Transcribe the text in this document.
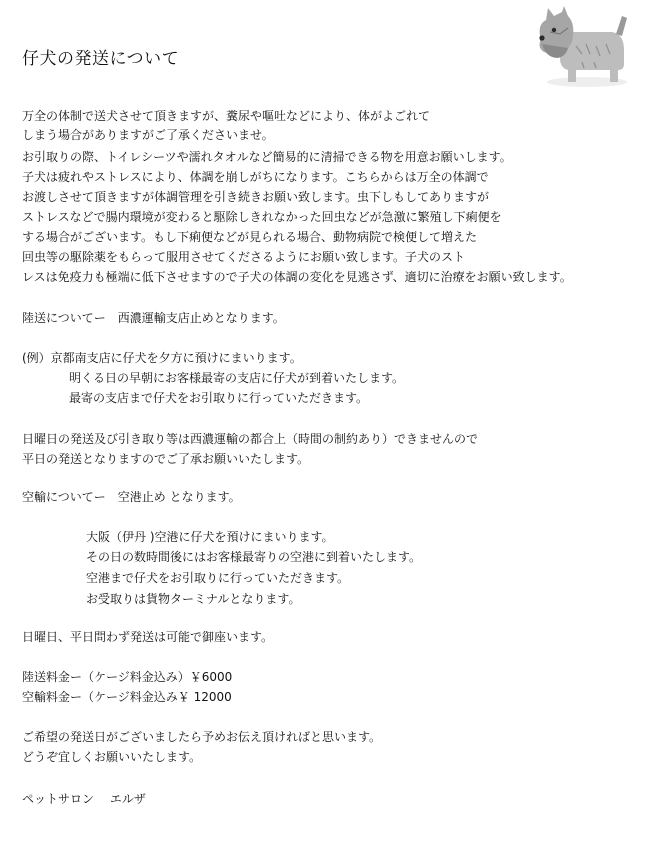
仔犬の発送について
万全の体制で送犬させて頂きますが、糞尿や嘔吐などにより、体がよごれて
しまう場合がありますがご了承くださいませ。
お引取りの際、トイレシーツや濡れタオルなど簡易的に清掃できる物を用意お願いします。
子犬は疲れやストレスにより、体調を崩しがちになります。こちらからは万全の体調で
お渡しさせて頂きますが体調管理を引き続きお願い致します。虫下しもしてありますが
ストレスなどで腸内環境が変わると駆除しきれなかった回虫などが急激に繁殖し下痢便を
する場合がございます。もし下痢便などが見られる場合、動物病院で検便して増えた
回虫等の駆除薬をもらって服用させてくださるようにお願い致します。子犬のスト
レスは免疫力も極端に低下させますので子犬の体調の変化を見逃さず、適切に治療をお願い致します。
陸送についてー　西濃運輸支店止めとなります。
(例）京都南支店に仔犬を夕方に預けにまいります。
明くる日の早朝にお客様最寄の支店に仔犬が到着いたします。
最寄の支店まで仔犬をお引取りに行っていただきます。
日曜日の発送及び引き取り等は西濃運輸の都合上（時間の制約あり）できませんので
平日の発送となりますのでご了承お願いいたします。
空輸についてー　空港止め となります。
大阪（伊丹 )空港に仔犬を預けにまいります。
その日の数時間後にはお客様最寄りの空港に到着いたします。
空港まで仔犬をお引取りに行っていただきます。
お受取りは貨物ターミナルとなります。
日曜日、平日問わず発送は可能で御座います。
陸送料金ー（ケージ料金込み）￥6000
空輸料金ー（ケージ料金込み￥ 12000
ご希望の発送日がございましたら予めお伝え頂ければと思います。
どうぞ宜しくお願いいたします。
ペットサロン　 エルザ
